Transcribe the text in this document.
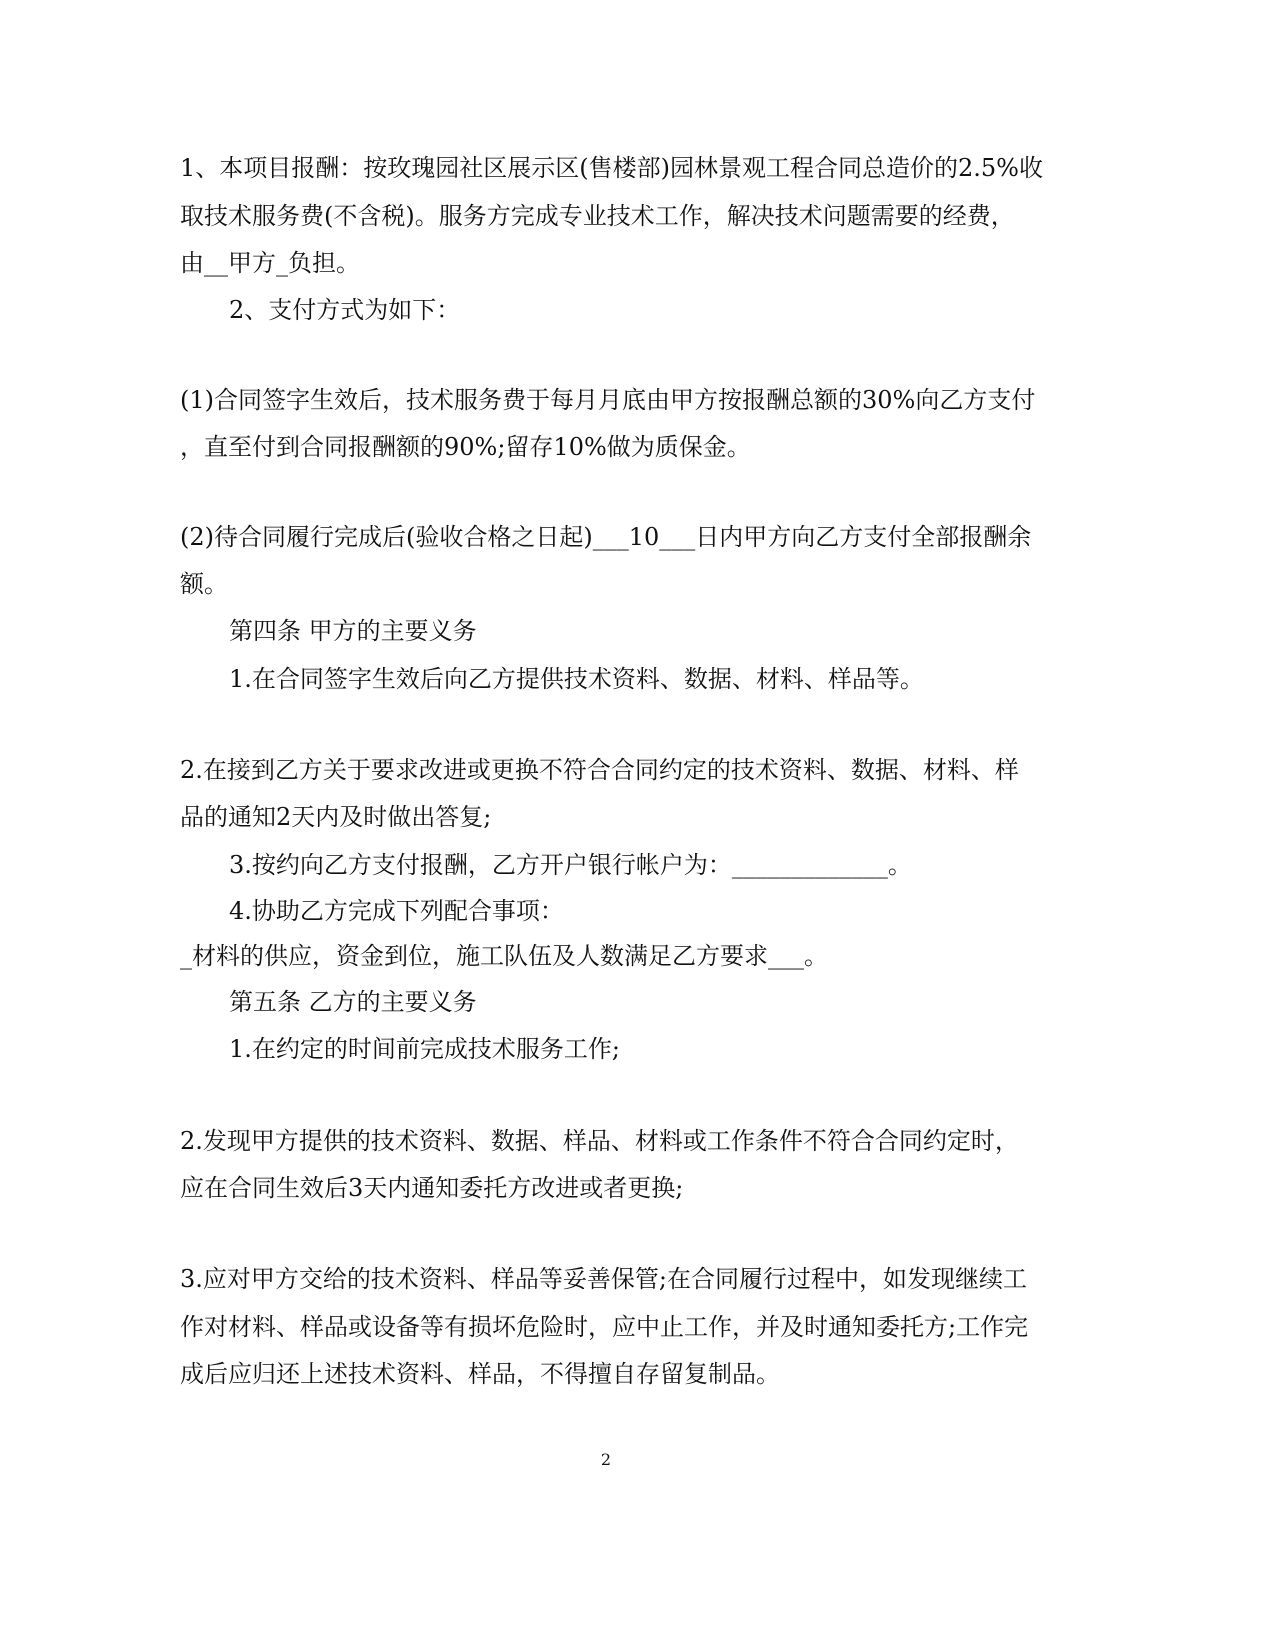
1、本项目报酬：按玫瑰园社区展示区(售楼部)园林景观工程合同总造价的2.5%收

取技术服务费(不含税)。服务方完成专业技术工作，解决技术问题需要的经费，

由__甲方_负担。

2、支付方式为如下：

(1)合同签字生效后，技术服务费于每月月底由甲方按报酬总额的30%向乙方支付

，直至付到合同报酬额的90%;留存10%做为质保金。

(2)待合同履行完成后(验收合格之日起)___10___日内甲方向乙方支付全部报酬余

额。

第四条 甲方的主要义务

1.在合同签字生效后向乙方提供技术资料、数据、材料、样品等。

2.在接到乙方关于要求改进或更换不符合合同约定的技术资料、数据、材料、样

品的通知2天内及时做出答复;

3.按约向乙方支付报酬，乙方开户银行帐户为：_____________。

4.协助乙方完成下列配合事项：

_材料的供应，资金到位，施工队伍及人数满足乙方要求___。

第五条 乙方的主要义务

1.在约定的时间前完成技术服务工作;

2.发现甲方提供的技术资料、数据、样品、材料或工作条件不符合合同约定时，

应在合同生效后3天内通知委托方改进或者更换;

3.应对甲方交给的技术资料、样品等妥善保管;在合同履行过程中，如发现继续工

作对材料、样品或设备等有损坏危险时，应中止工作，并及时通知委托方;工作完

成后应归还上述技术资料、样品，不得擅自存留复制品。

2
